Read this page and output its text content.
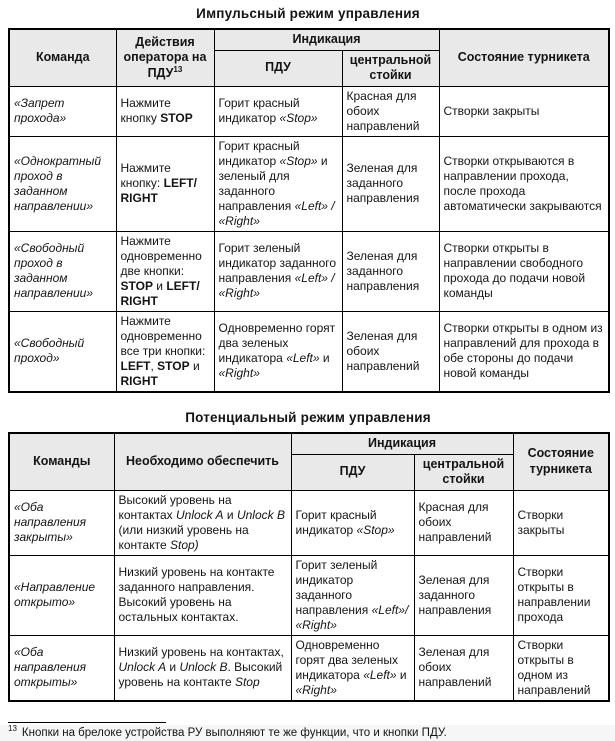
Импульсный режим управления
Команда	Действия оператора на ПДУ$^{13}$	Индикация		Состояние турникета
		ПДУ	центральной стойки	
«Запрет прохода»	Нажмите кнопку STOP	Горит красный индикатор «Stop»	Красная для обоих направлений	Створки закрыты
«Однократный проход в заданном направлении»	Нажмите кнопку: LEFT/ RIGHT	Горит красный индикатор «Stop» и зеленый для заданного направления «Left» / «Right»	Зеленая для заданного направления	Створки открываются в направлении прохода, после прохода автоматически закрываются
«Свободный проход в заданном направлении»	Нажмите одновременно две кнопки: STOP и LEFT/ RIGHT	Горит зеленый индикатор заданного направления «Left» / «Right»	Зеленая для заданного направления	Створки открыты в направлении свободного прохода до подачи новой команды
«Свободный проход»	Нажмите одновременно все три кнопки: LEFT, STOP и RIGHT	Одновременно горят два зеленых индикатора «Left» и «Right»	Зеленая для обоих направлений	Створки открыты в одном из направлений для прохода в обе стороны до подачи новой команды
Потенциальный режим управления
Команды	Необходимо обеспечить	Индикация		Состояние турникета
		ПДУ	центральной стойки	
«Оба направления закрыты»	Высокий уровень на контактах Unlock A и Unlock B (или низкий уровень на контакте Stop)	Горит красный индикатор «Stop»	Красная для обоих направлений	Створки закрыты
«Направление открыто»	Низкий уровень на контакте заданного направления. Высокий уровень на остальных контактах.	Горит зеленый индикатор заданного направления «Left»/ «Right»	Зеленая для заданного направления	Створки открыты в направлении прохода
«Оба направления открыты»	Низкий уровень на контактах, Unlock A и Unlock B. Высокий уровень на контакте Stop	Одновременно горят два зеленых индикатора «Left» и «Right»	Зеленая для обоих направлений	Створки открыты в одном из направлений

$^{13}$ Кнопки на брелоке устройства РУ выполняют те же функции, что и кнопки ПДУ.
